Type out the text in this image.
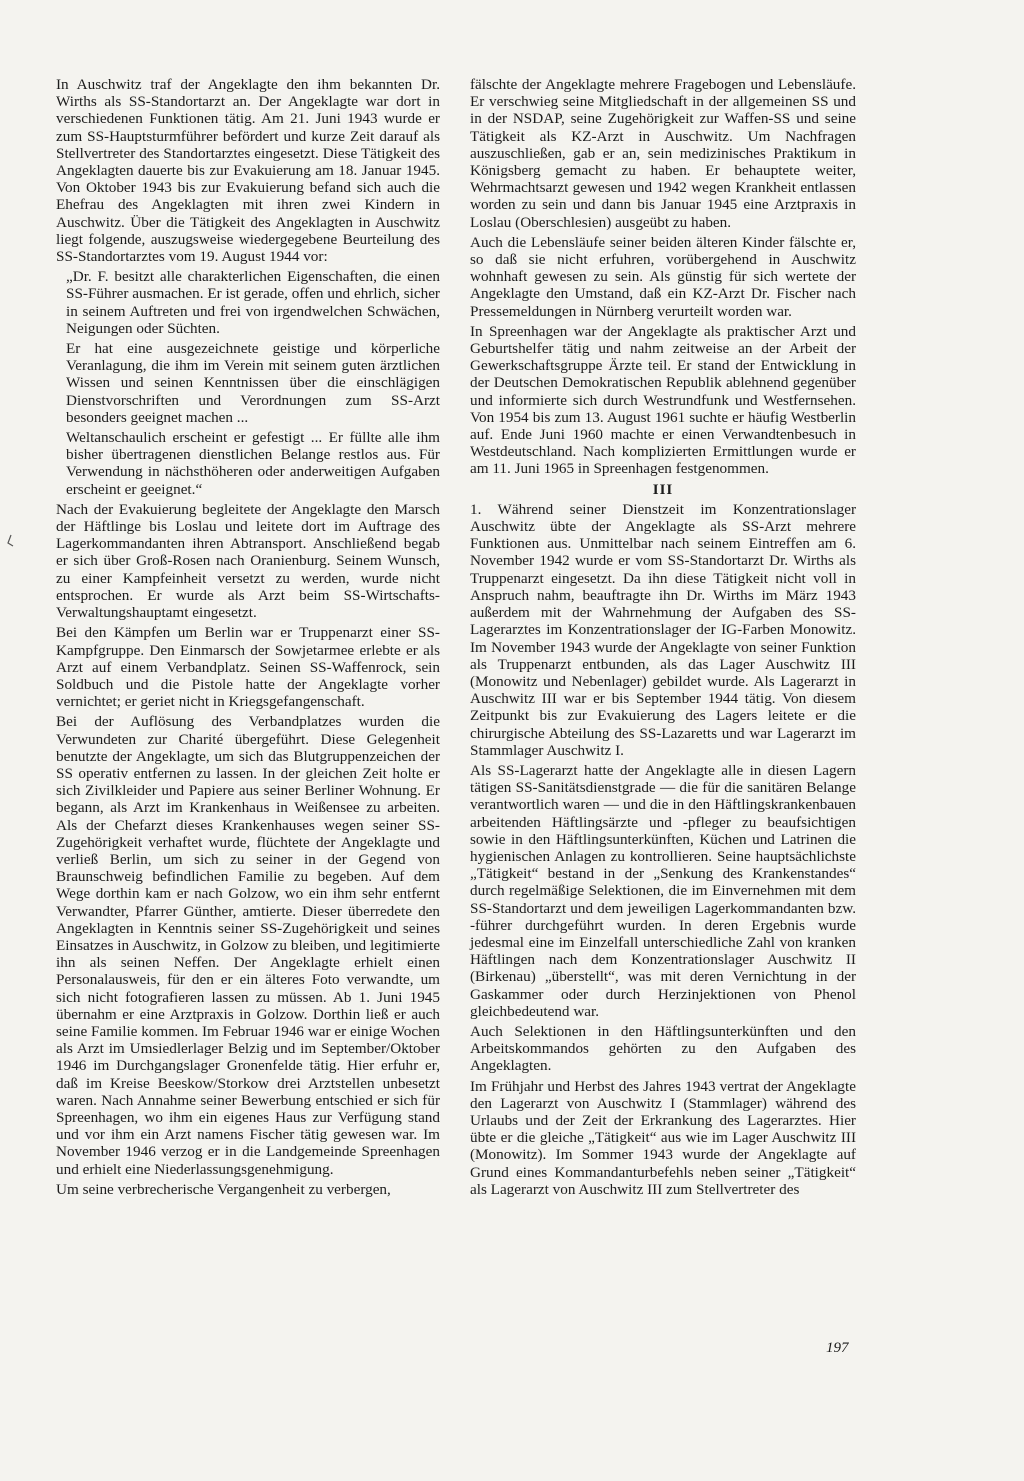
In Auschwitz traf der Angeklagte den ihm bekannten Dr. Wirths als SS-Standortarzt an. Der Angeklagte war dort in verschiedenen Funktionen tätig. Am 21. Juni 1943 wurde er zum SS-Hauptsturmführer befördert und kurze Zeit darauf als Stellvertreter des Standortarztes eingesetzt. Diese Tätigkeit des Angeklagten dauerte bis zur Evakuierung am 18. Januar 1945. Von Oktober 1943 bis zur Evakuierung befand sich auch die Ehefrau des Angeklagten mit ihren zwei Kindern in Auschwitz. Über die Tätigkeit des Angeklagten in Auschwitz liegt folgende, auszugsweise wiedergegebene Beurteilung des SS-Standortarztes vom 19. August 1944 vor:

„Dr. F. besitzt alle charakterlichen Eigenschaften, die einen SS-Führer ausmachen. Er ist gerade, offen und ehrlich, sicher in seinem Auftreten und frei von irgendwelchen Schwächen, Neigungen oder Süchten.

Er hat eine ausgezeichnete geistige und körperliche Veranlagung, die ihm im Verein mit seinem guten ärztlichen Wissen und seinen Kenntnissen über die einschlägigen Dienstvorschriften und Verordnungen zum SS-Arzt besonders geeignet machen ...

Weltanschaulich erscheint er gefestigt ... Er füllte alle ihm bisher übertragenen dienstlichen Belange restlos aus. Für Verwendung in nächsthöheren oder anderweitigen Aufgaben erscheint er geeignet.“

Nach der Evakuierung begleitete der Angeklagte den Marsch der Häftlinge bis Loslau und leitete dort im Auftrage des Lagerkommandanten ihren Abtransport. Anschließend begab er sich über Groß-Rosen nach Oranienburg. Seinem Wunsch, zu einer Kampfeinheit versetzt zu werden, wurde nicht entsprochen. Er wurde als Arzt beim SS-Wirtschafts-Verwaltungshauptamt eingesetzt.

Bei den Kämpfen um Berlin war er Truppenarzt einer SS-Kampfgruppe. Den Einmarsch der Sowjetarmee erlebte er als Arzt auf einem Verbandplatz. Seinen SS-Waffenrock, sein Soldbuch und die Pistole hatte der Angeklagte vorher vernichtet; er geriet nicht in Kriegsgefangenschaft.

Bei der Auflösung des Verbandplatzes wurden die Verwundeten zur Charité übergeführt. Diese Gelegenheit benutzte der Angeklagte, um sich das Blutgruppenzeichen der SS operativ entfernen zu lassen. In der gleichen Zeit holte er sich Zivilkleider und Papiere aus seiner Berliner Wohnung. Er begann, als Arzt im Krankenhaus in Weißensee zu arbeiten. Als der Chefarzt dieses Krankenhauses wegen seiner SS-Zugehörigkeit verhaftet wurde, flüchtete der Angeklagte und verließ Berlin, um sich zu seiner in der Gegend von Braunschweig befindlichen Familie zu begeben. Auf dem Wege dorthin kam er nach Golzow, wo ein ihm sehr entfernt Verwandter, Pfarrer Günther, amtierte. Dieser überredete den Angeklagten in Kenntnis seiner SS-Zugehörigkeit und seines Einsatzes in Auschwitz, in Golzow zu bleiben, und legitimierte ihn als seinen Neffen. Der Angeklagte erhielt einen Personalausweis, für den er ein älteres Foto verwandte, um sich nicht fotografieren lassen zu müssen. Ab 1. Juni 1945 übernahm er eine Arztpraxis in Golzow. Dorthin ließ er auch seine Familie kommen. Im Februar 1946 war er einige Wochen als Arzt im Umsiedlerlager Belzig und im September/Oktober 1946 im Durchgangslager Gronenfelde tätig. Hier erfuhr er, daß im Kreise Beeskow/Storkow drei Arztstellen unbesetzt waren. Nach Annahme seiner Bewerbung entschied er sich für Spreenhagen, wo ihm ein eigenes Haus zur Verfügung stand und vor ihm ein Arzt namens Fischer tätig gewesen war. Im November 1946 verzog er in die Landgemeinde Spreenhagen und erhielt eine Niederlassungsgenehmigung.

Um seine verbrecherische Vergangenheit zu verbergen,

fälschte der Angeklagte mehrere Fragebogen und Lebensläufe. Er verschwieg seine Mitgliedschaft in der allgemeinen SS und in der NSDAP, seine Zugehörigkeit zur Waffen-SS und seine Tätigkeit als KZ-Arzt in Auschwitz. Um Nachfragen auszuschließen, gab er an, sein medizinisches Praktikum in Königsberg gemacht zu haben. Er behauptete weiter, Wehrmachtsarzt gewesen und 1942 wegen Krankheit entlassen worden zu sein und dann bis Januar 1945 eine Arztpraxis in Loslau (Oberschlesien) ausgeübt zu haben.

Auch die Lebensläufe seiner beiden älteren Kinder fälschte er, so daß sie nicht erfuhren, vorübergehend in Auschwitz wohnhaft gewesen zu sein. Als günstig für sich wertete der Angeklagte den Umstand, daß ein KZ-Arzt Dr. Fischer nach Pressemeldungen in Nürnberg verurteilt worden war.

In Spreenhagen war der Angeklagte als praktischer Arzt und Geburtshelfer tätig und nahm zeitweise an der Arbeit der Gewerkschaftsgruppe Ärzte teil. Er stand der Entwicklung in der Deutschen Demokratischen Republik ablehnend gegenüber und informierte sich durch Westrundfunk und Westfernsehen. Von 1954 bis zum 13. August 1961 suchte er häufig Westberlin auf. Ende Juni 1960 machte er einen Verwandtenbesuch in Westdeutschland. Nach komplizierten Ermittlungen wurde er am 11. Juni 1965 in Spreenhagen festgenommen.

III

1. Während seiner Dienstzeit im Konzentrationslager Auschwitz übte der Angeklagte als SS-Arzt mehrere Funktionen aus. Unmittelbar nach seinem Eintreffen am 6. November 1942 wurde er vom SS-Standortarzt Dr. Wirths als Truppenarzt eingesetzt. Da ihn diese Tätigkeit nicht voll in Anspruch nahm, beauftragte ihn Dr. Wirths im März 1943 außerdem mit der Wahrnehmung der Aufgaben des SS-Lagerarztes im Konzentrationslager der IG-Farben Monowitz. Im November 1943 wurde der Angeklagte von seiner Funktion als Truppenarzt entbunden, als das Lager Auschwitz III (Monowitz und Nebenlager) gebildet wurde. Als Lagerarzt in Auschwitz III war er bis September 1944 tätig. Von diesem Zeitpunkt bis zur Evakuierung des Lagers leitete er die chirurgische Abteilung des SS-Lazaretts und war Lagerarzt im Stammlager Auschwitz I.

Als SS-Lagerarzt hatte der Angeklagte alle in diesen Lagern tätigen SS-Sanitätsdienstgrade — die für die sanitären Belange verantwortlich waren — und die in den Häftlingskrankenbauen arbeitenden Häftlingsärzte und -pfleger zu beaufsichtigen sowie in den Häftlingsunterkünften, Küchen und Latrinen die hygienischen Anlagen zu kontrollieren. Seine hauptsächlichste „Tätigkeit“ bestand in der „Senkung des Krankenstandes“ durch regelmäßige Selektionen, die im Einvernehmen mit dem SS-Standortarzt und dem jeweiligen Lagerkommandanten bzw. -führer durchgeführt wurden. In deren Ergebnis wurde jedesmal eine im Einzelfall unterschiedliche Zahl von kranken Häftlingen nach dem Konzentrationslager Auschwitz II (Birkenau) „überstellt“, was mit deren Vernichtung in der Gaskammer oder durch Herzinjektionen von Phenol gleichbedeutend war.

Auch Selektionen in den Häftlingsunterkünften und den Arbeitskommandos gehörten zu den Aufgaben des Angeklagten.

Im Frühjahr und Herbst des Jahres 1943 vertrat der Angeklagte den Lagerarzt von Auschwitz I (Stammlager) während des Urlaubs und der Zeit der Erkrankung des Lagerarztes. Hier übte er die gleiche „Tätigkeit“ aus wie im Lager Auschwitz III (Monowitz). Im Sommer 1943 wurde der Angeklagte auf Grund eines Kommandanturbefehls neben seiner „Tätigkeit“ als Lagerarzt von Auschwitz III zum Stellvertreter des

197
